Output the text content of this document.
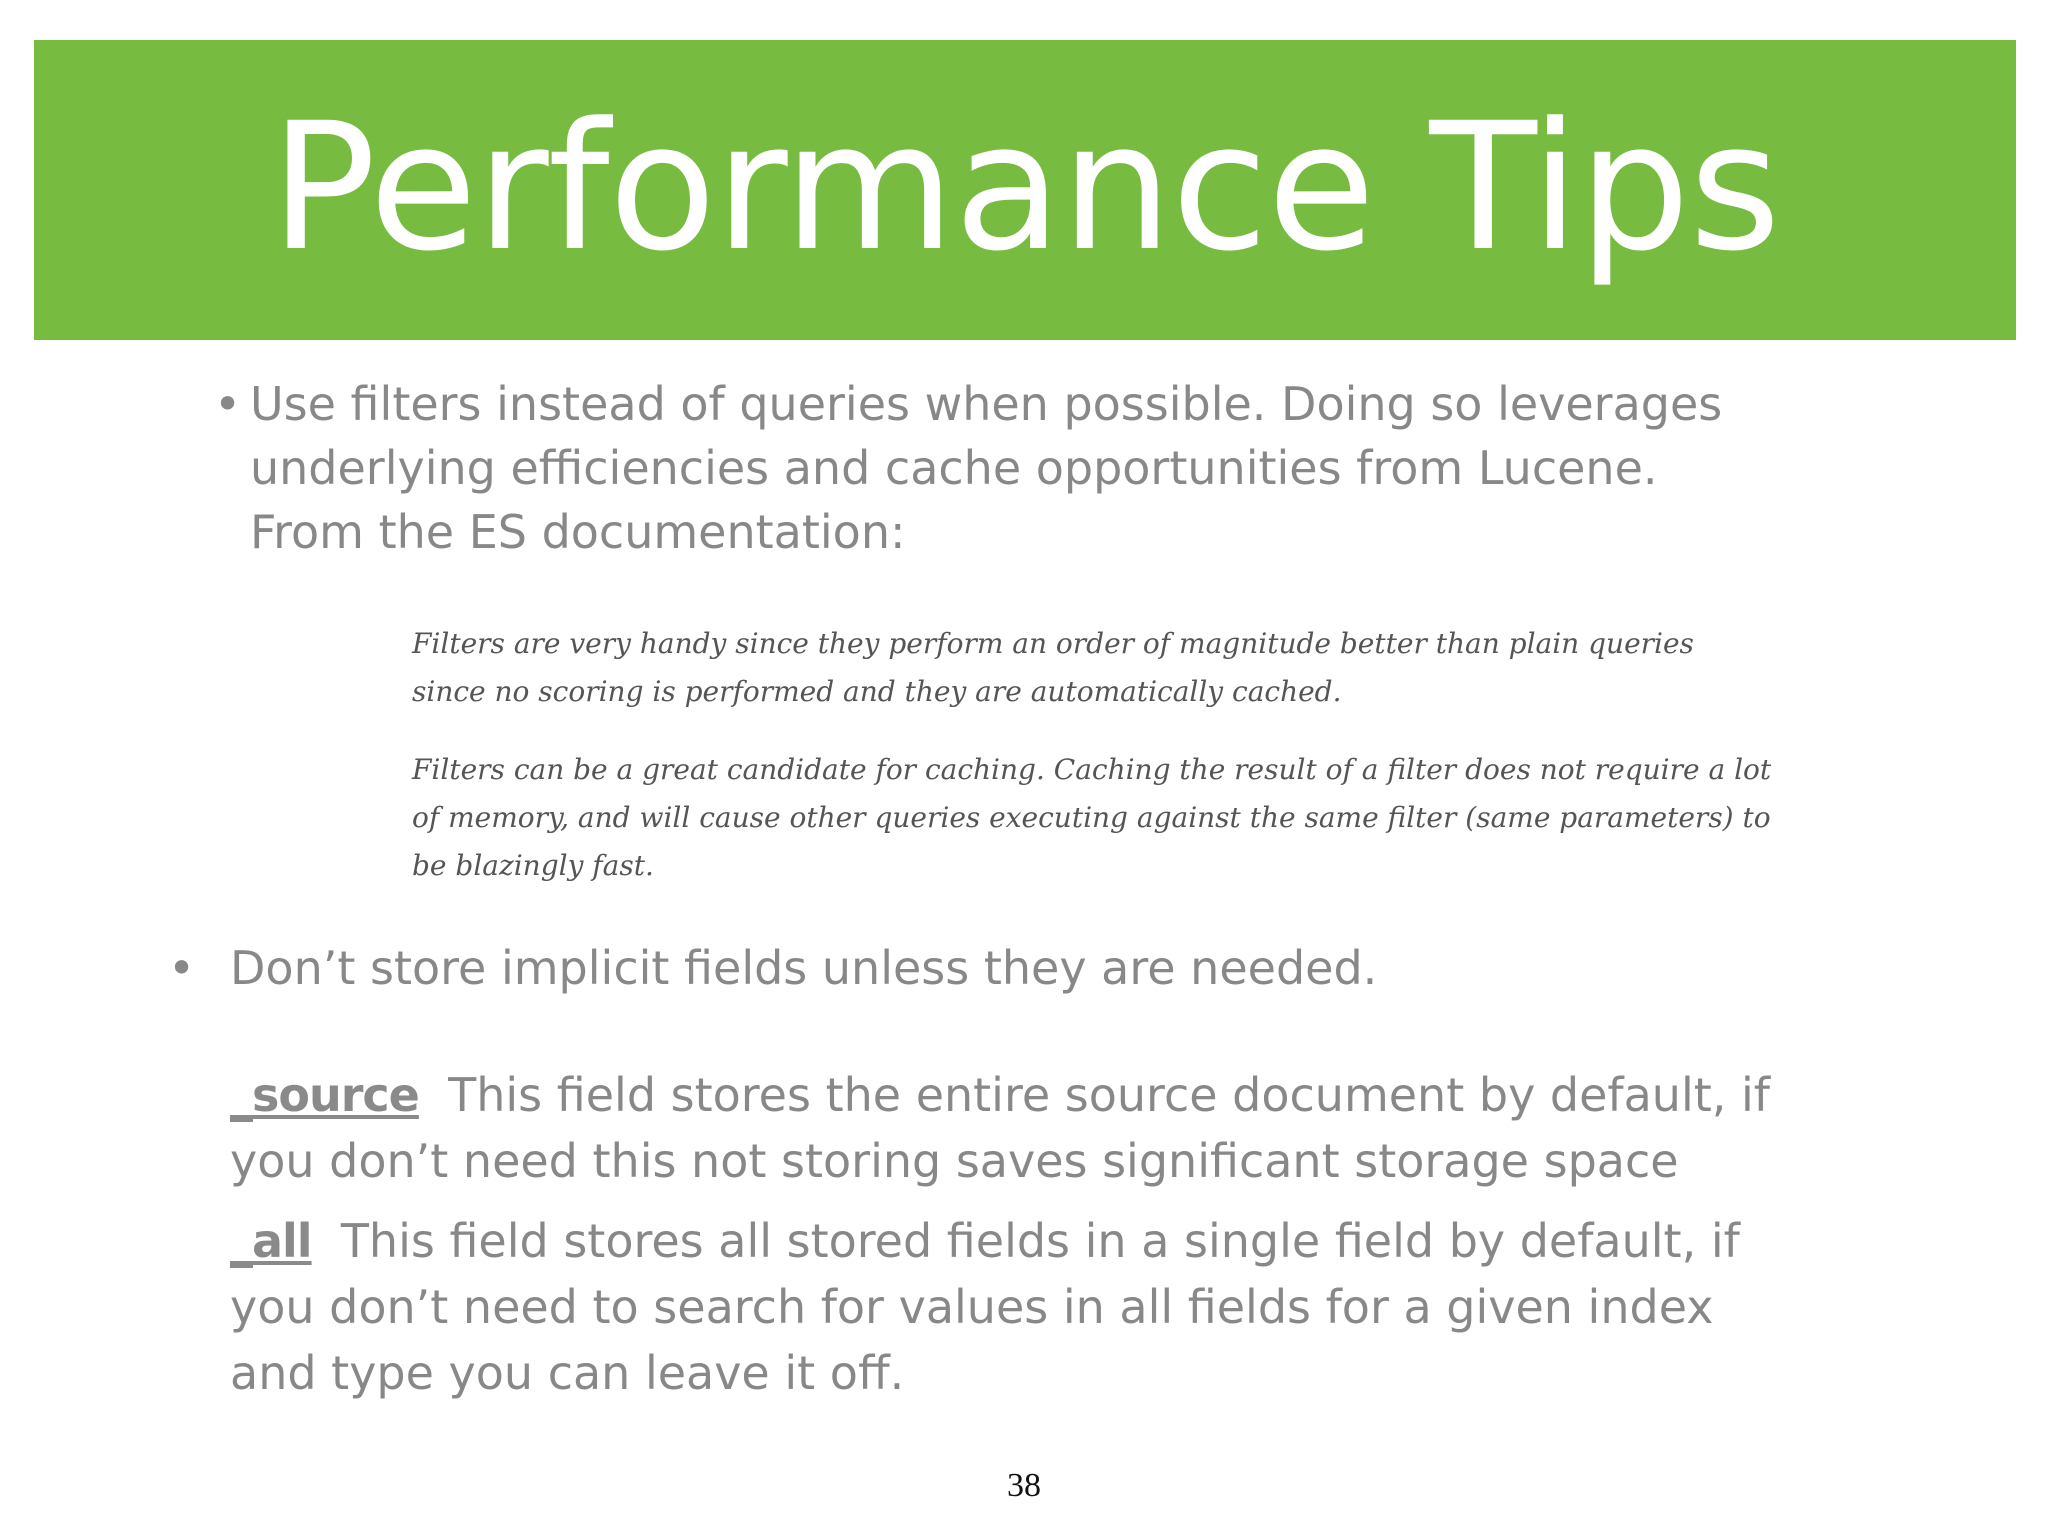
Performance Tips
• Use filters instead of queries when possible. Doing so leverages
underlying efficiencies and cache opportunities from Lucene.
From the ES documentation:

Filters are very handy since they perform an order of magnitude better than plain queries since no scoring is performed and they are automatically cached.

Filters can be a great candidate for caching. Caching the result of a filter does not require a lot of memory, and will cause other queries executing against the same filter (same parameters) to be blazingly fast.

• Don’t store implicit fields unless they are needed.
_source This field stores the entire source document by default, if
you don’t need this not storing saves significant storage space
_all This field stores all stored fields in a single field by default, if
you don’t need to search for values in all fields for a given index
and type you can leave it off.
38
